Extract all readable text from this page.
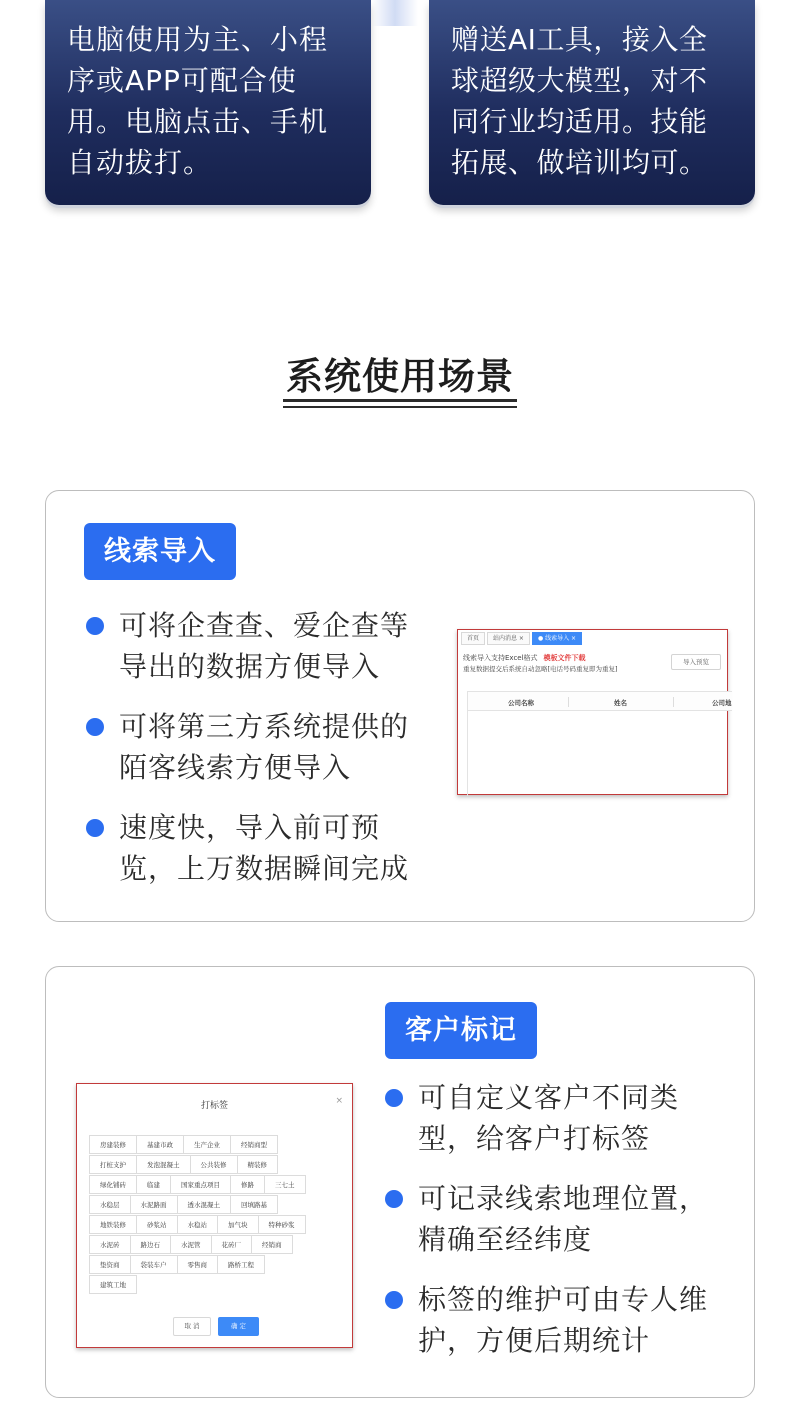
电脑使用为主、小程
序或APP可配合使
用。电脑点击、手机
自动拔打。

赠送AI工具，接入全
球超级大模型，对不
同行业均适用。技能
拓展、做培训均可。

系统使用场景
线索导入
可将企查查、爱企查等
导出的数据方便导入
可将第三方系统提供的
陌客线索方便导入
速度快，导入前可预
览，上万数据瞬间完成
首页	站内消息 ×	● 线索导入 ×
线索导入支持Excel格式 模板文件下载
重复数据提交后系统自动忽略[电话号码重复即为重复]
导入预览
公司名称	姓名	公司地
客户标记
打标签	×
房建装修	基建市政	生产企业	经销商型
打桩支护	发泡混凝土	公共装修	精装修
绿化铺砖	临建	国家重点项目	修路	三七土
水稳层	水泥路面	透水混凝土	回填路基
地铁装修	砂浆站	水稳站	加气块	特种砂浆
水泥砖	路边石	水泥管	花砖厂	经销商
垫资商	袋装车户	零售商	路桥工程
建筑工地
取 消	确 定
可自定义客户不同类
型，给客户打标签
可记录线索地理位置，
精确至经纬度
标签的维护可由专人维
护，方便后期统计
